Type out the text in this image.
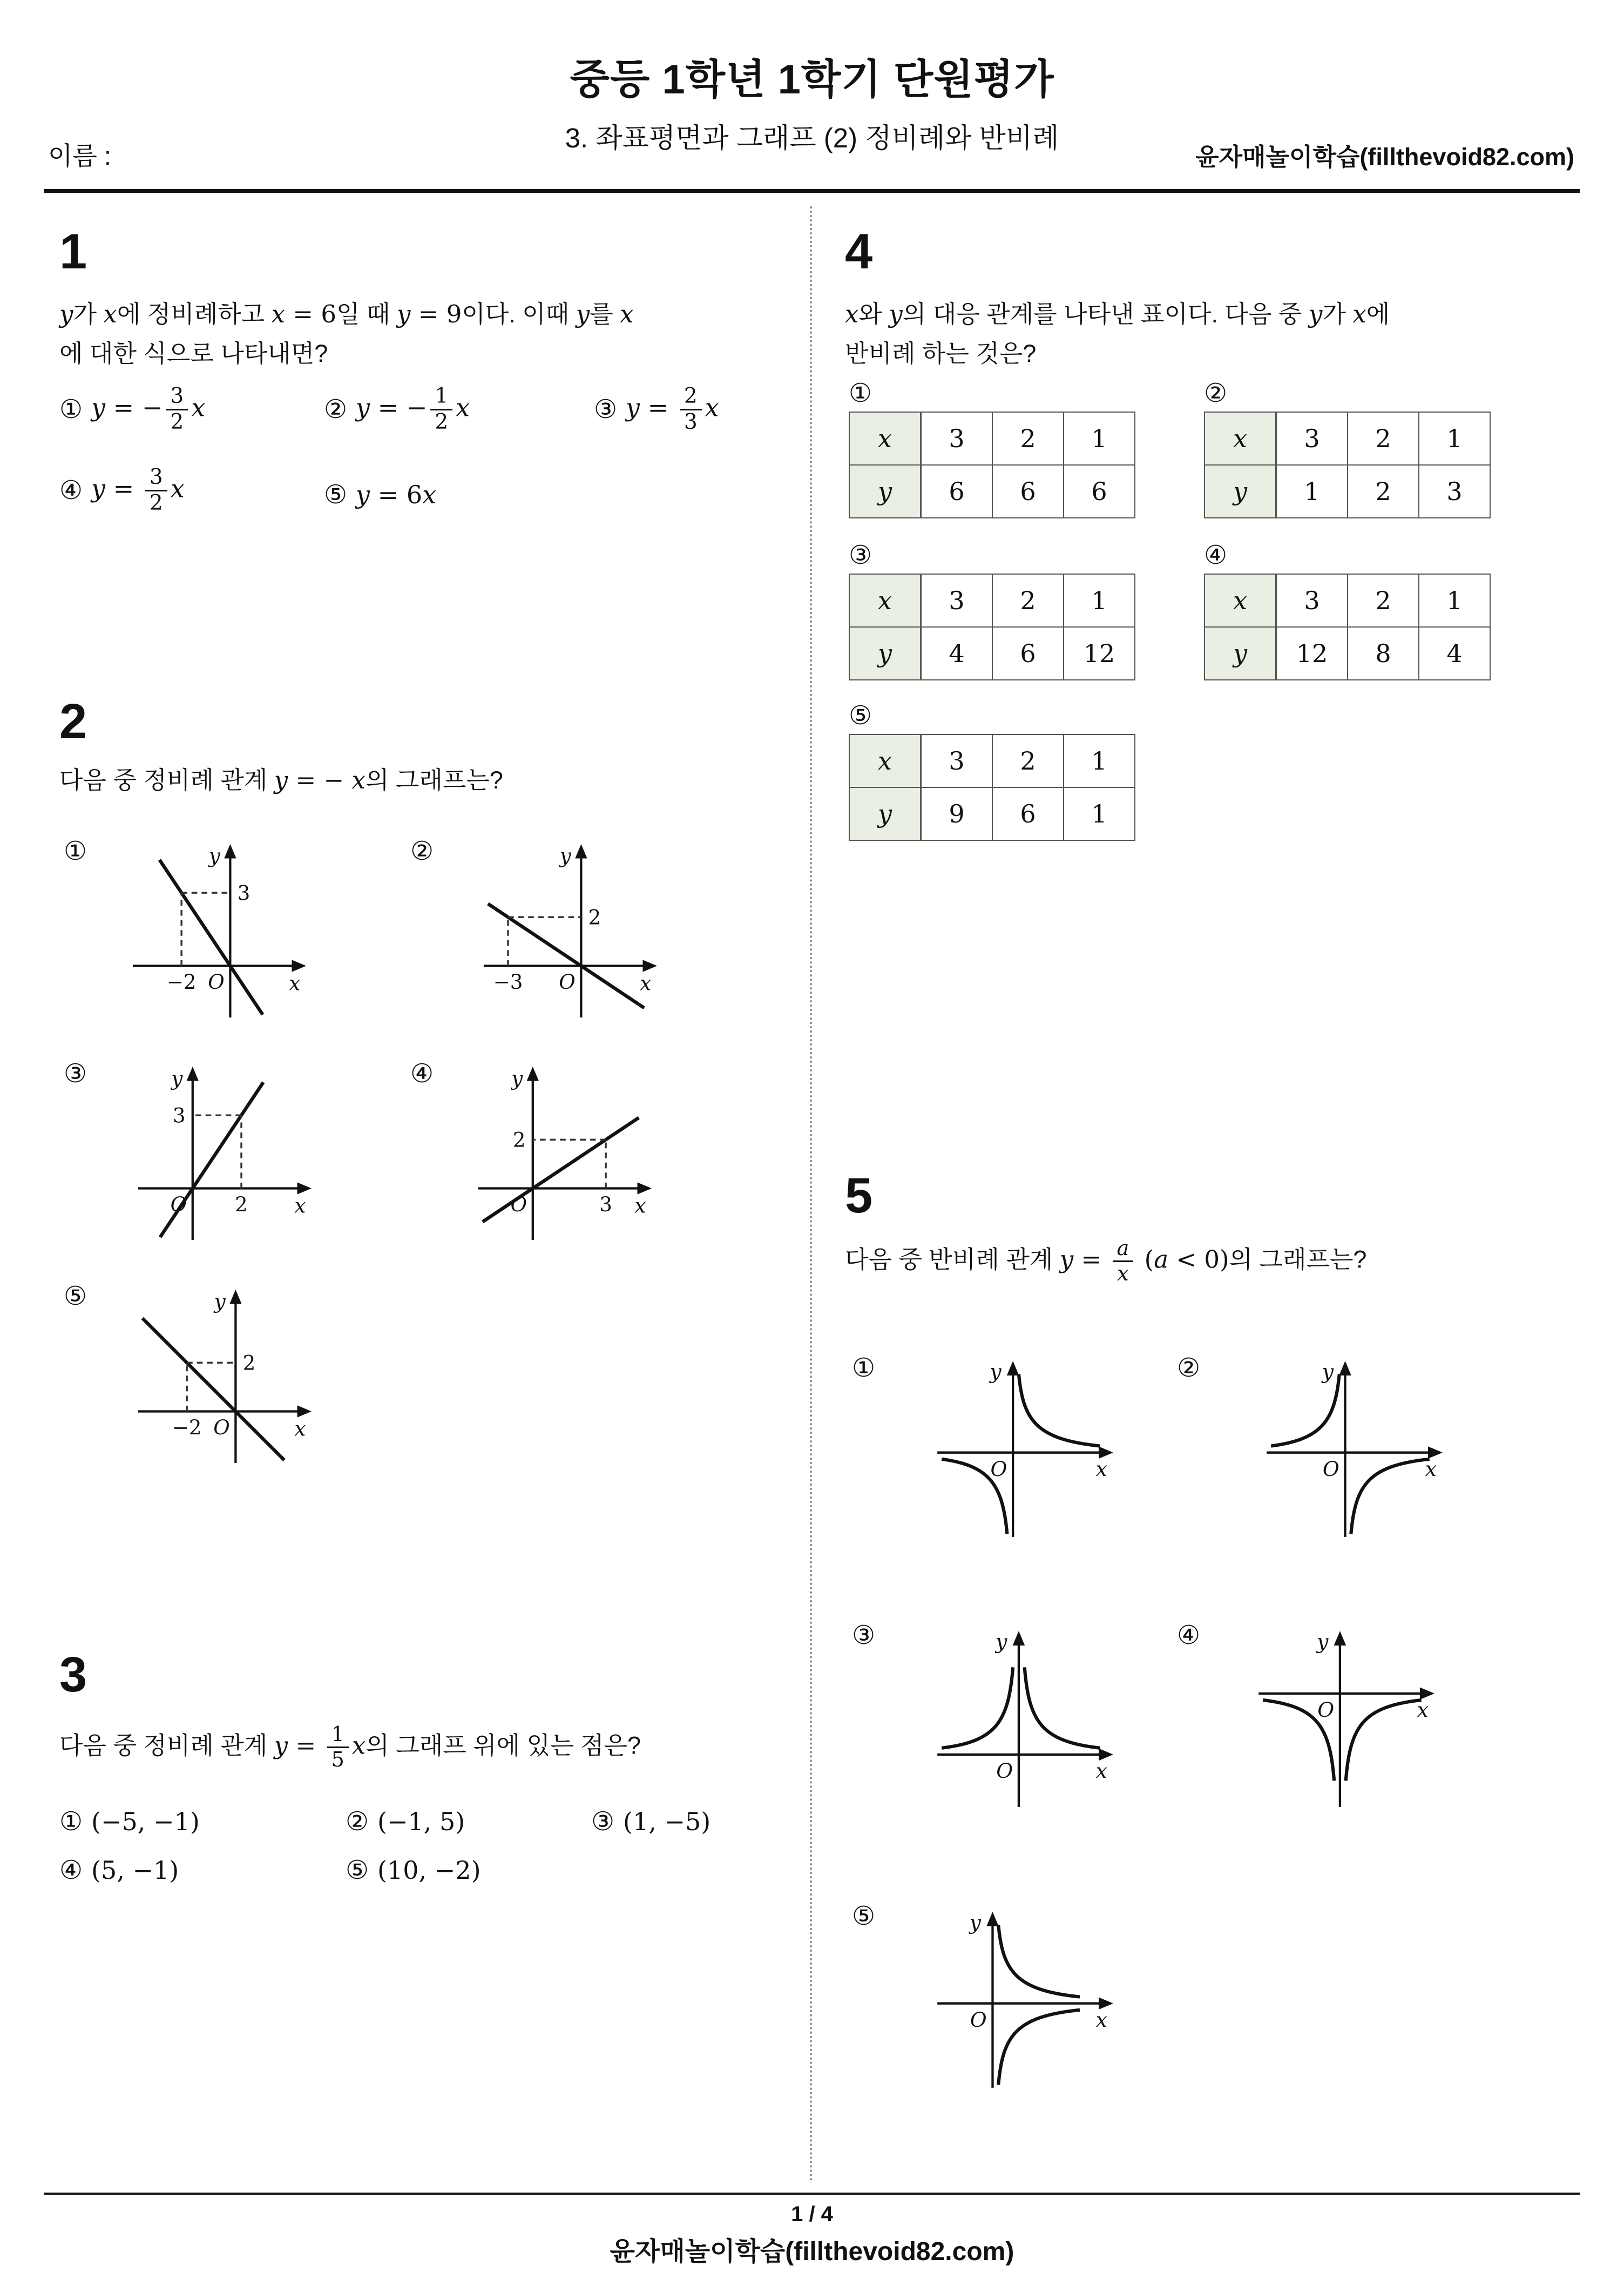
중등 1학년 1학기 단원평가
3. 좌표평면과 그래프 (2) 정비례와 반비례
이름 :	윤자매놀이학습(fillthevoid82.com)
1
y가 x에 정비례하고 x = 6일 때 y = 9이다. 이때 y를 x
에 대한 식으로 나타내면?
① y = − $\frac{3}{2}$ x	② y = − $\frac{1}{2}$ x	③ $y = \frac{2}{3}$ x
④ $y = \frac{3}{2}$ x	⑤ y = 6x
2
다음 중 정비례 관계 y = − x의 그래프는?
①	y
x
O
−2
3
②	y
x
O
−3
2
③	y
x
O	2
3
④	y
x
O	3
2
⑤	y
x
O
−2
2
3
다음 중 정비례 관계 $y = \frac{1}{5}$ x의 그래프 위에 있는 점은?
① (−5, −1)	② (−1, 5)	③ (1, −5)
④ (5, −1)	⑤ (10, −2)
4
x와 y의 대응 관계를 나타낸 표이다. 다음 중 y가 x에
반비례 하는 것은?
①
x	3	2	1
y	6	6	6
②
x	3	2	1
y	1	2	3
③
x	3	2	1
y	4	6	12
④
x	3	2	1
y	12	8	4
⑤
x	3	2	1
y	9	6	1
5
다음 중 반비례 관계 $y = \frac{a}{x} (a < 0)$의 그래프는?
①	y
x
O
②	y
x
O
③	y
x
O
④	y
x
O
⑤	y
x
O
1 / 4
윤자매놀이학습(fillthevoid82.com)
